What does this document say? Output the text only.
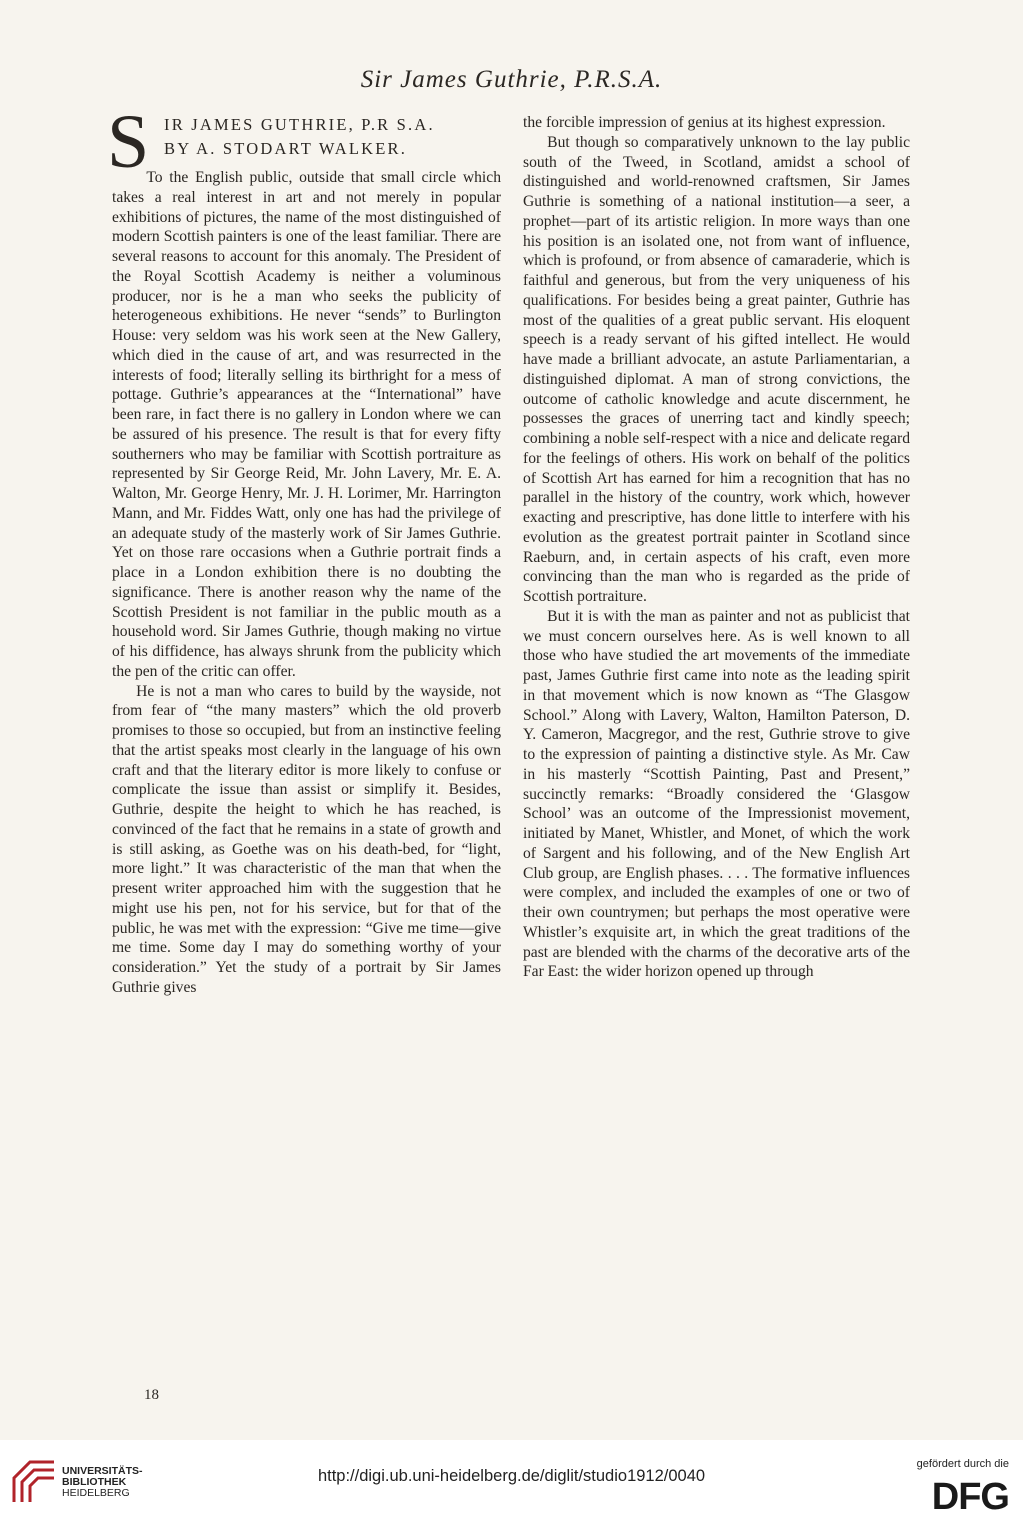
Sir James Guthrie, P.R.S.A.
S IR JAMES GUTHRIE, P.R S.A.
BY A. STODART WALKER.

To the English public, outside that small circle which takes a real interest in art and not merely in popular exhibitions of pictures, the name of the most distinguished of modern Scottish painters is one of the least familiar. There are several reasons to account for this anomaly. The President of the Royal Scottish Academy is neither a voluminous producer, nor is he a man who seeks the publicity of heterogeneous exhibitions. He never “sends” to Burlington House: very seldom was his work seen at the New Gallery, which died in the cause of art, and was resurrected in the interests of food; literally selling its birthright for a mess of pottage. Guthrie’s appearances at the “International” have been rare, in fact there is no gallery in London where we can be assured of his presence. The result is that for every fifty southerners who may be familiar with Scottish portraiture as represented by Sir George Reid, Mr. John Lavery, Mr. E. A. Walton, Mr. George Henry, Mr. J. H. Lorimer, Mr. Harrington Mann, and Mr. Fiddes Watt, only one has had the privilege of an adequate study of the masterly work of Sir James Guthrie. Yet on those rare occasions when a Guthrie portrait finds a place in a London exhibition there is no doubting the significance. There is another reason why the name of the Scottish President is not familiar in the public mouth as a household word. Sir James Guthrie, though making no virtue of his diffidence, has always shrunk from the publicity which the pen of the critic can offer.

He is not a man who cares to build by the wayside, not from fear of “the many masters” which the old proverb promises to those so occupied, but from an instinctive feeling that the artist speaks most clearly in the language of his own craft and that the literary editor is more likely to confuse or complicate the issue than assist or simplify it. Besides, Guthrie, despite the height to which he has reached, is convinced of the fact that he remains in a state of growth and is still asking, as Goethe was on his death-bed, for “light, more light.” It was characteristic of the man that when the present writer approached him with the suggestion that he might use his pen, not for his service, but for that of the public, he was met with the expression: “Give me time—give me time. Some day I may do something worthy of your consideration.” Yet the study of a portrait by Sir James Guthrie gives

the forcible impression of genius at its highest expression.

But though so comparatively unknown to the lay public south of the Tweed, in Scotland, amidst a school of distinguished and world-renowned craftsmen, Sir James Guthrie is something of a national institution—a seer, a prophet—part of its artistic religion. In more ways than one his position is an isolated one, not from want of influence, which is profound, or from absence of camaraderie, which is faithful and generous, but from the very uniqueness of his qualifications. For besides being a great painter, Guthrie has most of the qualities of a great public servant. His eloquent speech is a ready servant of his gifted intellect. He would have made a brilliant advocate, an astute Parliamentarian, a distinguished diplomat. A man of strong convictions, the outcome of catholic knowledge and acute discernment, he possesses the graces of unerring tact and kindly speech; combining a noble self-respect with a nice and delicate regard for the feelings of others. His work on behalf of the politics of Scottish Art has earned for him a recognition that has no parallel in the history of the country, work which, however exacting and prescriptive, has done little to interfere with his evolution as the greatest portrait painter in Scotland since Raeburn, and, in certain aspects of his craft, even more convincing than the man who is regarded as the pride of Scottish portraiture.

But it is with the man as painter and not as publicist that we must concern ourselves here. As is well known to all those who have studied the art movements of the immediate past, James Guthrie first came into note as the leading spirit in that movement which is now known as “The Glasgow School.” Along with Lavery, Walton, Hamilton Paterson, D. Y. Cameron, Macgregor, and the rest, Guthrie strove to give to the expression of painting a distinctive style. As Mr. Caw in his masterly “Scottish Painting, Past and Present,” succinctly remarks: “Broadly considered the ‘Glasgow School’ was an outcome of the Impressionist movement, initiated by Manet, Whistler, and Monet, of which the work of Sargent and his following, and of the New English Art Club group, are English phases. . . . The formative influences were complex, and included the examples of one or two of their own countrymen; but perhaps the most operative were Whistler’s exquisite art, in which the great traditions of the past are blended with the charms of the decorative arts of the Far East: the wider horizon opened up through

18
UNIVERSITÄTS-
BIBLIOTHEK
HEIDELBERG
http://digi.ub.uni-heidelberg.de/diglit/studio1912/0040
gefördert durch die
DFG
